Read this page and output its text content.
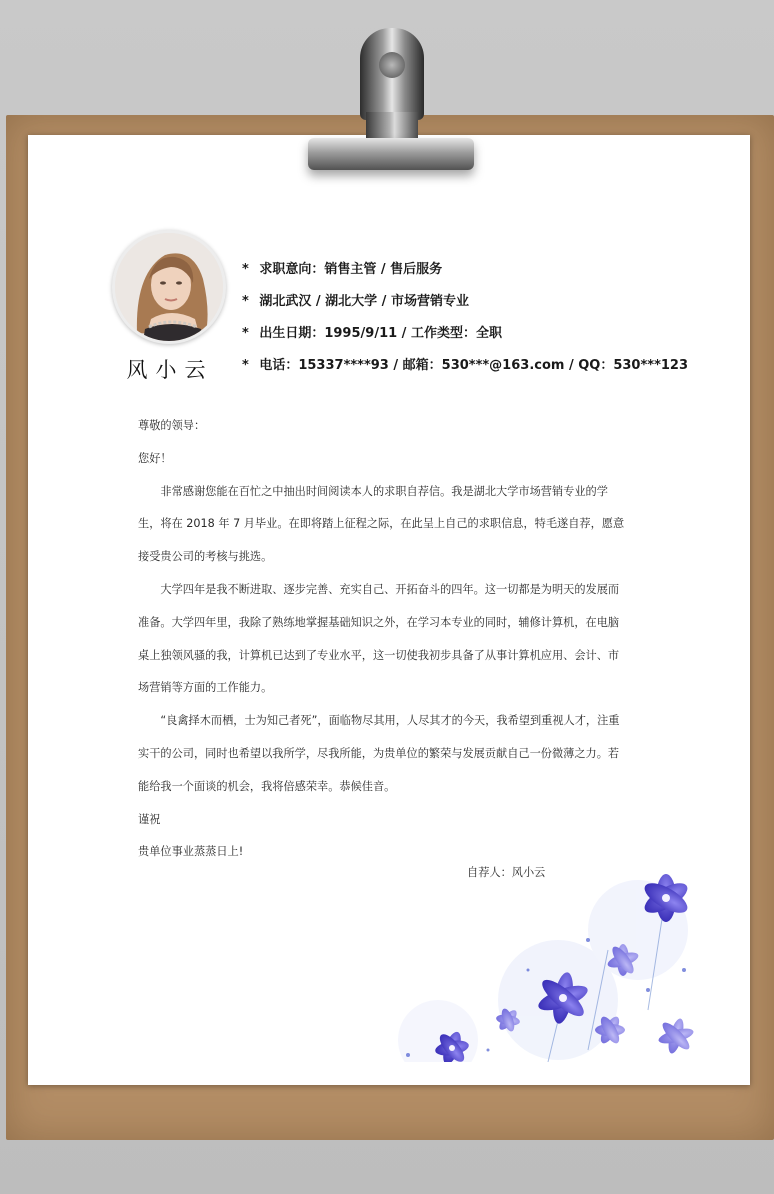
风小云
* 求职意向：销售主管 / 售后服务
* 湖北武汉 / 湖北大学 / 市场营销专业
* 出生日期：1995/9/11 / 工作类型：全职
* 电话：15337****93 / 邮箱：530***@163.com / QQ：530***123

尊敬的领导：

您好！

非常感谢您能在百忙之中抽出时间阅读本人的求职自荐信。我是湖北大学市场营销专业的学生，将在 2018 年 7 月毕业。在即将踏上征程之际，在此呈上自己的求职信息，特毛遂自荐，愿意接受贵公司的考核与挑选。

大学四年是我不断进取、逐步完善、充实自己、开拓奋斗的四年。这一切都是为明天的发展而准备。大学四年里，我除了熟练地掌握基础知识之外，在学习本专业的同时，辅修计算机，在电脑桌上独领风骚的我，计算机已达到了专业水平，这一切使我初步具备了从事计算机应用、会计、市场营销等方面的工作能力。

“良禽择木而栖，士为知己者死”，面临物尽其用，人尽其才的今天，我希望到重视人才，注重实干的公司，同时也希望以我所学，尽我所能，为贵单位的繁荣与发展贡献自己一份微薄之力。若能给我一个面谈的机会，我将倍感荣幸。恭候佳音。

谨祝

贵单位事业蒸蒸日上!

自荐人：风小云
